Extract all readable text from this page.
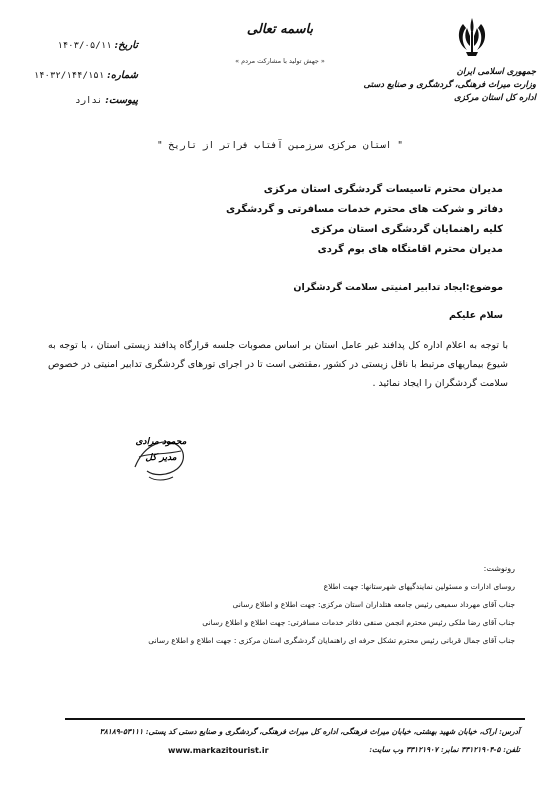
جمهوری اسلامی ایران
وزارت میراث فرهنگی، گردشگری و صنایع دستی
اداره کل استان مرکزی
باسمه تعالی
« جهش تولید با مشارکت مردم »
تاریخ: ۱۴۰۳/۰۵/۱۱
شماره: ۱۴۰۳۲/۱۴۴/۱۵۱
پیوست: ندارد
" استان مرکزی سرزمین آفتاب فراتر از تاریخ "
مدیران محترم تاسیسات گردشگری استان مرکزی
دفاتر و شرکت های محترم خدمات مسافرتی و گردشگری
کلیه راهنمایان گردشگری استان مرکزی
مدیران محترم اقامتگاه های بوم گردی
موضوع:ایجاد تدابیر امنیتی سلامت گردشگران
سلام علیکم
با توجه به اعلام اداره کل پدافند غیر عامل استان بر اساس مصوبات جلسه قرارگاه پدافند زیستی استان ، با توجه به شیوع بیماریهای مرتبط با ناقل زیستی در کشور ،مقتضی است تا در اجرای تورهای گردشگری تدابیر امنیتی در خصوص سلامت گردشگران را ایجاد نمائید .
محمود مرادی
مدیر کل
رونوشت:
روسای ادارات و مسئولین نمایندگیهای شهرستانها: جهت اطلاع
جناب آقای مهرداد سمیعی رئیس جامعه هتلداران استان مرکزی: جهت اطلاع و اطلاع رسانی
جناب آقای رضا ملکی رئیس محترم انجمن صنفی دفاتر خدمات مسافرتی: جهت اطلاع و اطلاع رسانی
جناب آقای جمال قربانی رئیس محترم تشکل حرفه ای راهنمایان گردشگری استان مرکزی : جهت اطلاع و اطلاع رسانی
آدرس: اراک، خیابان شهید بهشتی، خیابان میراث فرهنگی، اداره کل میراث فرهنگی، گردشگری و صنایع دستی کد پستی: ۵۳۱۱۱-۳۸۱۸۹
تلفن: ۵-۳۳۱۲۱۹۰۴ نمابر: ۳۳۱۲۱۹۰۷ وب سایت:
www.markazitourist.ir
